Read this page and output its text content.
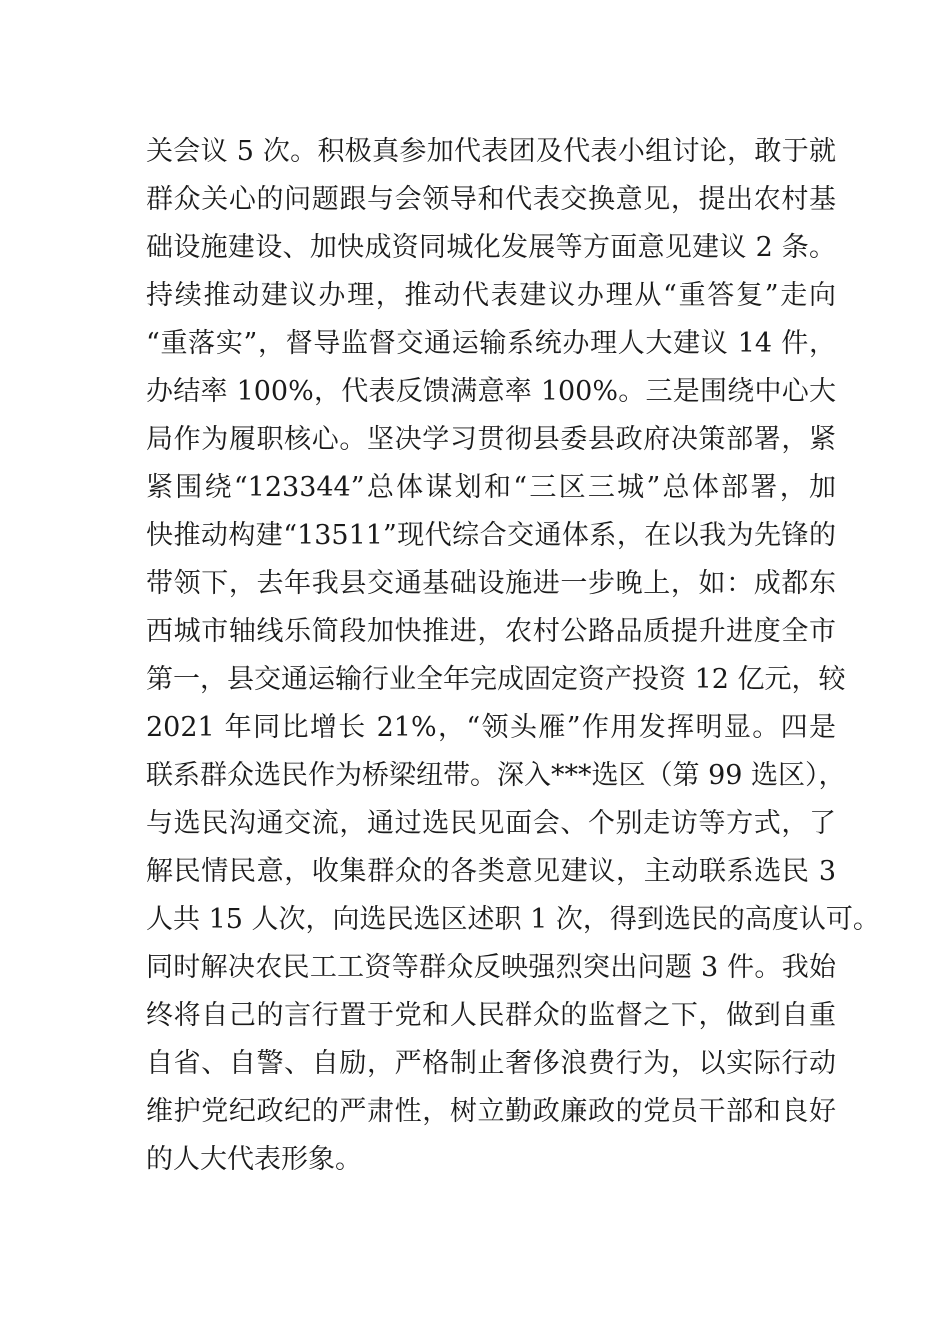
关会议 5 次。积极真参加代表团及代表小组讨论，敢于就
群众关心的问题跟与会领导和代表交换意见，提出农村基
础设施建设、加快成资同城化发展等方面意见建议 2 条。
持续推动建议办理，推动代表建议办理从“重答复”走向
“重落实”，督导监督交通运输系统办理人大建议 14 件，
办结率 100%，代表反馈满意率 100%。三是围绕中心大
局作为履职核心。坚决学习贯彻县委县政府决策部署，紧
紧围绕“123344”总体谋划和“三区三城”总体部署，加
快推动构建“13511”现代综合交通体系，在以我为先锋的
带领下，去年我县交通基础设施进一步晚上，如：成都东
西城市轴线乐简段加快推进，农村公路品质提升进度全市
第一，县交通运输行业全年完成固定资产投资 12 亿元，较
2021 年同比增长 21%，“领头雁”作用发挥明显。四是
联系群众选民作为桥梁纽带。深入***选区（第 99 选区），
与选民沟通交流，通过选民见面会、个别走访等方式，了
解民情民意，收集群众的各类意见建议，主动联系选民 3
人共 15 人次，向选民选区述职 1 次，得到选民的高度认可。
同时解决农民工工资等群众反映强烈突出问题 3 件。我始
终将自己的言行置于党和人民群众的监督之下，做到自重
自省、自警、自励，严格制止奢侈浪费行为，以实际行动
维护党纪政纪的严肃性，树立勤政廉政的党员干部和良好
的人大代表形象。
